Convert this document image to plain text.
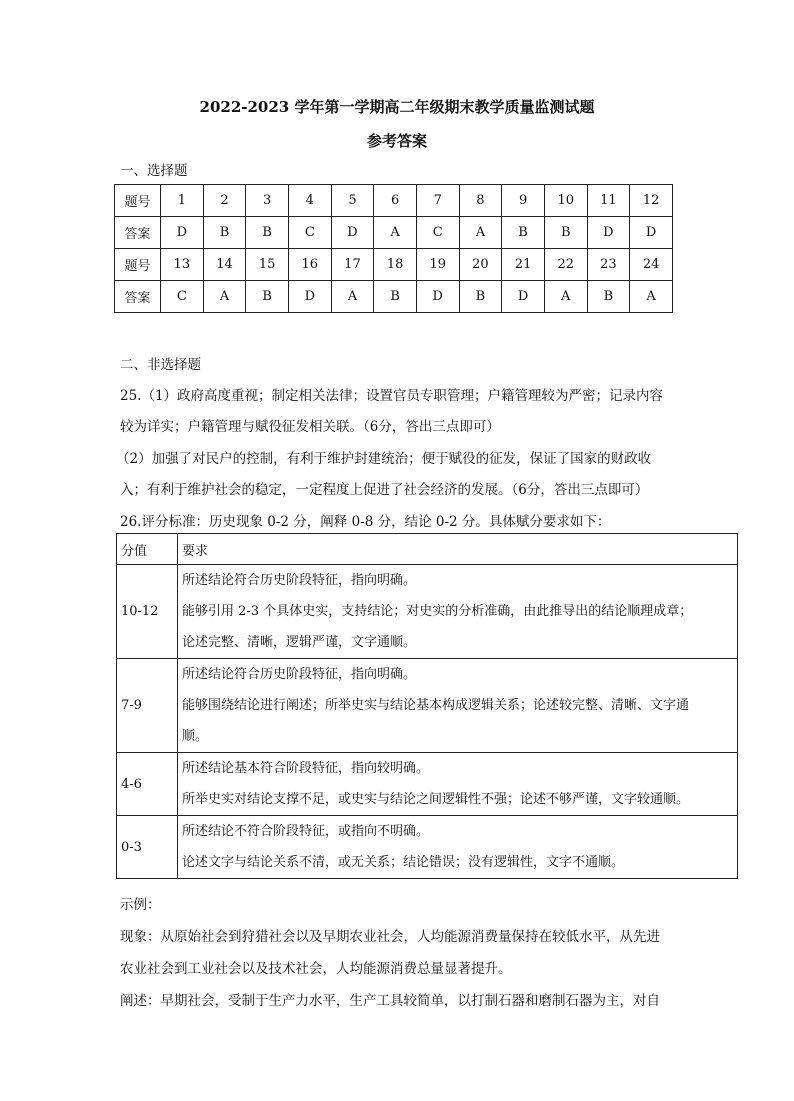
2022-2023 学年第一学期高二年级期末教学质量监测试题
参考答案
一、选择题
题号	1	2	3	4	5	6	7	8	9	10	11	12
答案	D	B	B	C	D	A	C	A	B	B	D	D
题号	13	14	15	16	17	18	19	20	21	22	23	24
答案	C	A	B	D	A	B	D	B	D	A	B	A
二、非选择题
25.（1）政府高度重视；制定相关法律；设置官员专职管理；户籍管理较为严密；记录内容
较为详实；户籍管理与赋役征发相关联。（6分，答出三点即可）
（2）加强了对民户的控制，有利于维护封建统治；便于赋役的征发，保证了国家的财政收
入；有利于维护社会的稳定，一定程度上促进了社会经济的发展。（6分，答出三点即可）
26.评分标准：历史现象 0-2 分，阐释 0-8 分，结论 0-2 分。具体赋分要求如下：
分值	要求
10-12	所述结论符合历史阶段特征，指向明确。
能够引用 2-3 个具体史实，支持结论；对史实的分析准确，由此推导出的结论顺理成章；
论述完整、清晰，逻辑严谨，文字通顺。

7-9	所述结论符合历史阶段特征，指向明确。
能够围绕结论进行阐述；所举史实与结论基本构成逻辑关系；论述较完整、清晰、文字通
顺。

4-6	所述结论基本符合阶段特征，指向较明确。
所举史实对结论支撑不足，或史实与结论之间逻辑性不强；论述不够严谨，文字较通顺。

0-3	所述结论不符合阶段特征，或指向不明确。
论述文字与结论关系不清，或无关系；结论错误；没有逻辑性，文字不通顺。
示例：
现象：从原始社会到狩猎社会以及早期农业社会，人均能源消费量保持在较低水平，从先进
农业社会到工业社会以及技术社会，人均能源消费总量显著提升。
阐述：早期社会，受制于生产力水平，生产工具较简单，以打制石器和磨制石器为主，对自
